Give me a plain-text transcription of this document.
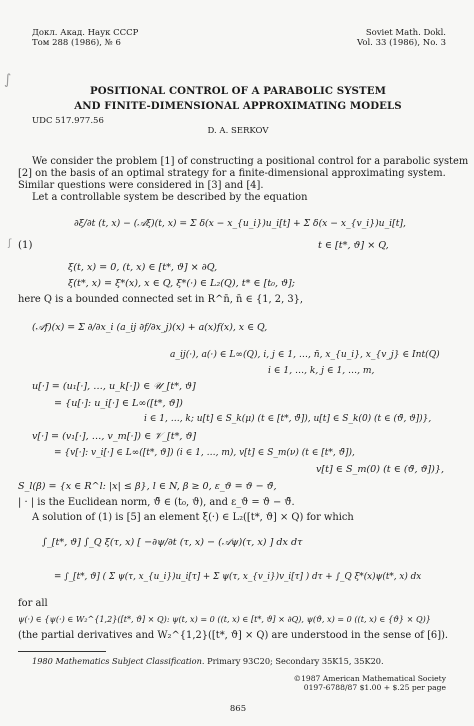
∫
ʃ
Докл. Акад. Наук СССР
Том 288 (1986), № 6
Soviet Math. Dokl.
Vol. 33 (1986), No. 3
POSITIONAL CONTROL OF A PARABOLIC SYSTEM
AND FINITE-DIMENSIONAL APPROXIMATING MODELS
UDC 517.977.56
D. A. SERKOV
We consider the problem [1] of constructing a positional control for a parabolic system
[2] on the basis of an optimal strategy for a finite-dimensional approximating system.
Similar questions were considered in [3] and [4].
Let a controllable system be described by the equation
(1)
∂ξ/∂t (t, x) − (𝒜ξ)(t, x) = Σ δ(x − x_{u_i})u_i[t] + Σ δ(x − x_{v_i})u_i[t],
t ∈ [t*, ϑ] × Q,
ξ(t, x) = 0, (t, x) ∈ [t*, ϑ] × ∂Q,
ξ(t*, x) = ξ*(x), x ∈ Q, ξ*(·) ∈ L₂(Q), t* ∈ [t₀, ϑ];
here Q is a bounded connected set in R^n̄, n̄ ∈ {1, 2, 3},
(𝒜f)(x) = Σ ∂/∂x_i (a_ij ∂f/∂x_j)(x) + a(x)f(x), x ∈ Q,
a_ij(·), a(·) ∈ L∞(Q), i, j ∈ 1, …, n̄, x_{u_i}, x_{v_j} ∈ Int(Q)
i ∈ 1, …, k, j ∈ 1, …, m,
u[·] = (u₁[·], …, u_k[·]) ∈ 𝒰_[t*, ϑ]
= {u[·]: u_i[·] ∈ L∞([t*, ϑ])
i ∈ 1, …, k; u[t] ∈ S_k(μ) (t ∈ [t*, ϑ̄]), u[t] ∈ S_k(0) (t ∈ (ϑ̄, ϑ])},
v[·] = (v₁[·], …, v_m[·]) ∈ 𝒱_[t*, ϑ]
= {v[·]: v_i[·] ∈ L∞([t*, ϑ]) (i ∈ 1, …, m), v[t] ∈ S_m(ν) (t ∈ [t*, ϑ̄]),
v[t] ∈ S_m(0) (t ∈ (ϑ̄, ϑ])},
S_l(β) = {x ∈ R^l: |x| ≤ β}, l ∈ N, β ≥ 0, ε_ϑ = ϑ − ϑ̄,
| · | is the Euclidean norm, ϑ̄ ∈ (t₀, ϑ), and ε_ϑ = ϑ − ϑ̄.
A solution of (1) is [5] an element ξ(·) ∈ L₂([t*, ϑ] × Q) for which
∫_[t*, ϑ] ∫_Q ξ(τ, x) [ −∂ψ/∂t (τ, x) − (𝒜ψ)(τ, x) ] dx dτ
= ∫_[t*, ϑ] ( Σ ψ(τ, x_{u_i})u_i[τ] + Σ ψ(τ, x_{v_i})v_i[τ] ) dτ + ∫_Q ξ*(x)ψ(t*, x) dx
for all
ψ(·) ∈ {ψ(·) ∈ W₂^{1,2}([t*, ϑ] × Q): ψ(t, x) = 0 ((t, x) ∈ [t*, ϑ] × ∂Q), ψ(ϑ, x) = 0 ((t, x) ∈ {ϑ} × Q)}
(the partial derivatives and W₂^{1,2}([t*, ϑ] × Q) are understood in the sense of [6]).
1980 Mathematics Subject Classification. Primary 93C20; Secondary 35K15, 35K20.
©1987 American Mathematical Society
0197-6788/87 $1.00 + $.25 per page
865
